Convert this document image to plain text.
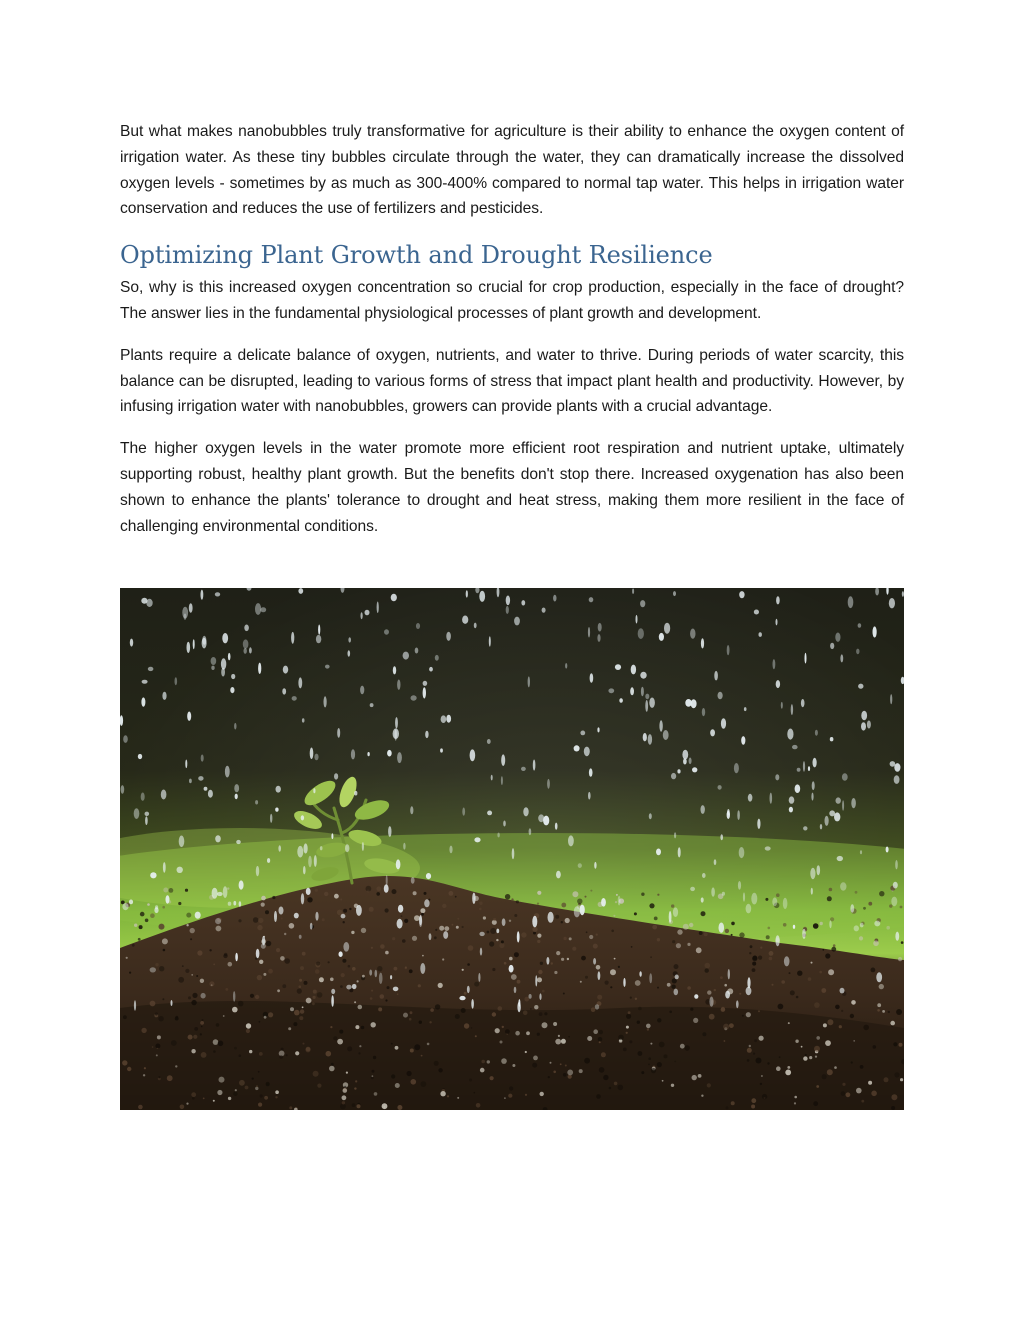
But what makes nanobubbles truly transformative for agriculture is their ability to enhance the oxygen content of irrigation water. As these tiny bubbles circulate through the water, they can dramatically increase the dissolved oxygen levels - sometimes by as much as 300-400% compared to normal tap water. This helps in irrigation water conservation and reduces the use of fertilizers and pesticides.

Optimizing Plant Growth and Drought Resilience

So, why is this increased oxygen concentration so crucial for crop production, especially in the face of drought? The answer lies in the fundamental physiological processes of plant growth and development.

Plants require a delicate balance of oxygen, nutrients, and water to thrive. During periods of water scarcity, this balance can be disrupted, leading to various forms of stress that impact plant health and productivity. However, by infusing irrigation water with nanobubbles, growers can provide plants with a crucial advantage.

The higher oxygen levels in the water promote more efficient root respiration and nutrient uptake, ultimately supporting robust, healthy plant growth. But the benefits don't stop there. Increased oxygenation has also been shown to enhance the plants' tolerance to drought and heat stress, making them more resilient in the face of challenging environmental conditions.
